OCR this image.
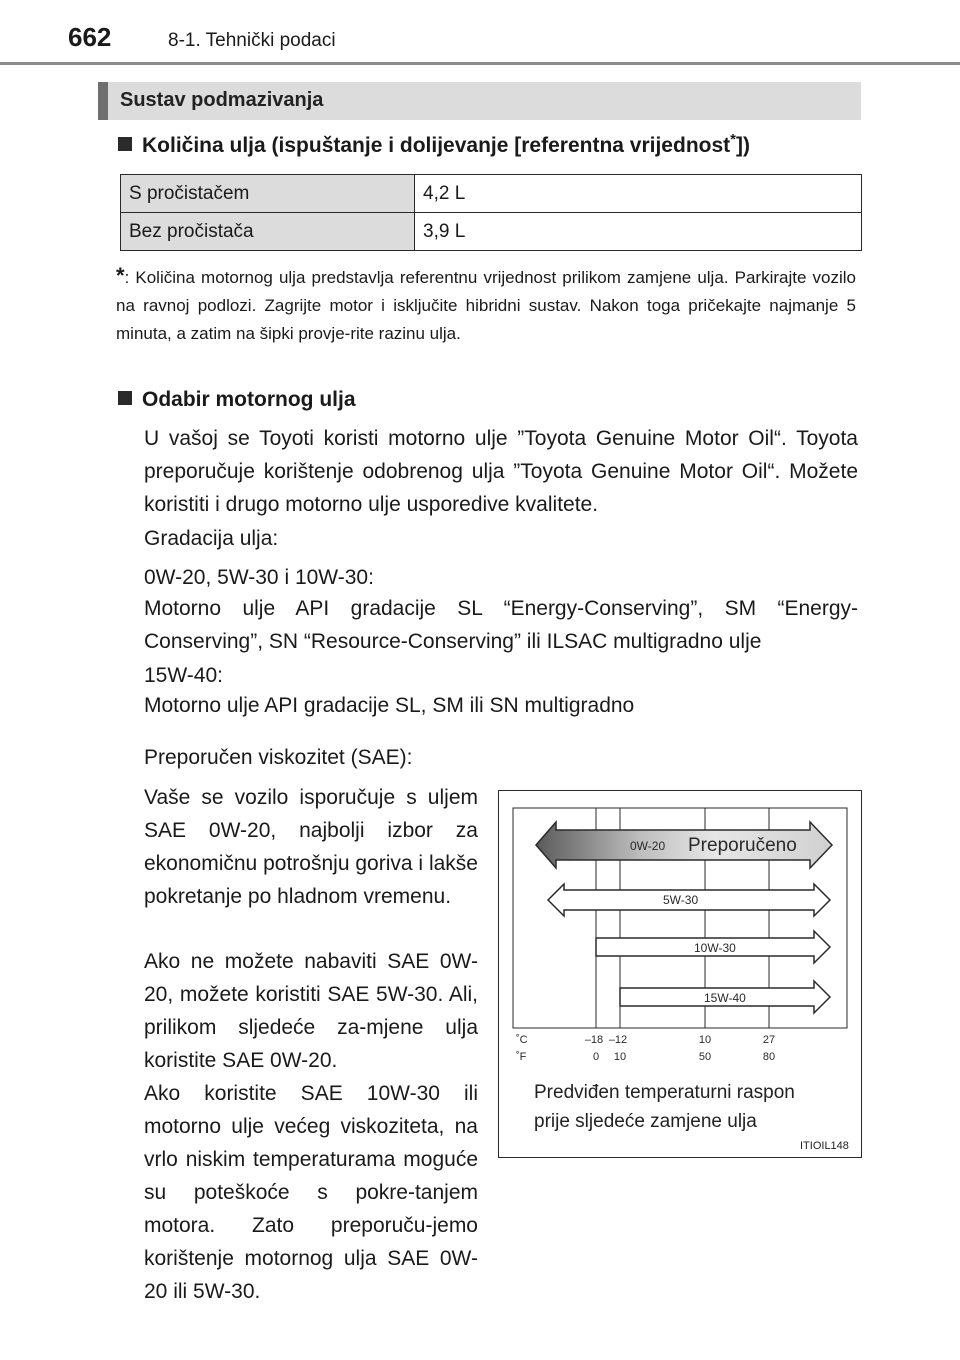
662	8-1. Tehnički podaci
Sustav podmazivanja
Količina ulja (ispuštanje i dolijevanje [referentna vrijednost*])
S pročistačem	4,2 L
Bez pročistača	3,9 L
*: Količina motornog ulja predstavlja referentnu vrijednost prilikom zamjene ulja. Parkirajte vozilo na ravnoj podlozi. Zagrijte motor i isključite hibridni sustav. Nakon toga pričekajte najmanje 5 minuta, a zatim na šipki provje-rite razinu ulja.
Odabir motornog ulja
U vašoj se Toyoti koristi motorno ulje ”Toyota Genuine Motor Oil“. Toyota preporučuje korištenje odobrenog ulja ”Toyota Genuine Motor Oil“. Možete koristiti i drugo motorno ulje usporedive kvalitete.
Gradacija ulja:
0W-20, 5W-30 i 10W-30:
Motorno ulje API gradacije SL “Energy-Conserving”, SM “Energy-Conserving”, SN “Resource-Conserving” ili ILSAC multigradno ulje
15W-40:
Motorno ulje API gradacije SL, SM ili SN multigradno
Preporučen viskozitet (SAE):
Vaše se vozilo isporučuje s uljem SAE 0W-20, najbolji izbor za ekonomičnu potrošnju goriva i lakše pokretanje po hladnom vremenu.
Ako ne možete nabaviti SAE 0W-20, možete koristiti SAE 5W-30. Ali, prilikom sljedeće za-mjene ulja koristite SAE 0W-20.
Ako koristite SAE 10W-30 ili motorno ulje većeg viskoziteta, na vrlo niskim temperaturama moguće su poteškoće s pokre-tanjem motora. Zato preporuču-jemo korištenje motornog ulja SAE 0W-20 ili 5W-30.
0W-20 Preporučeno
5W-30
10W-30
15W-40
˚C
˚F
–18 –12	10	27
0 10	50	80
Predviđen temperaturni raspon
prije sljedeće zamjene ulja
ITIOIL148
